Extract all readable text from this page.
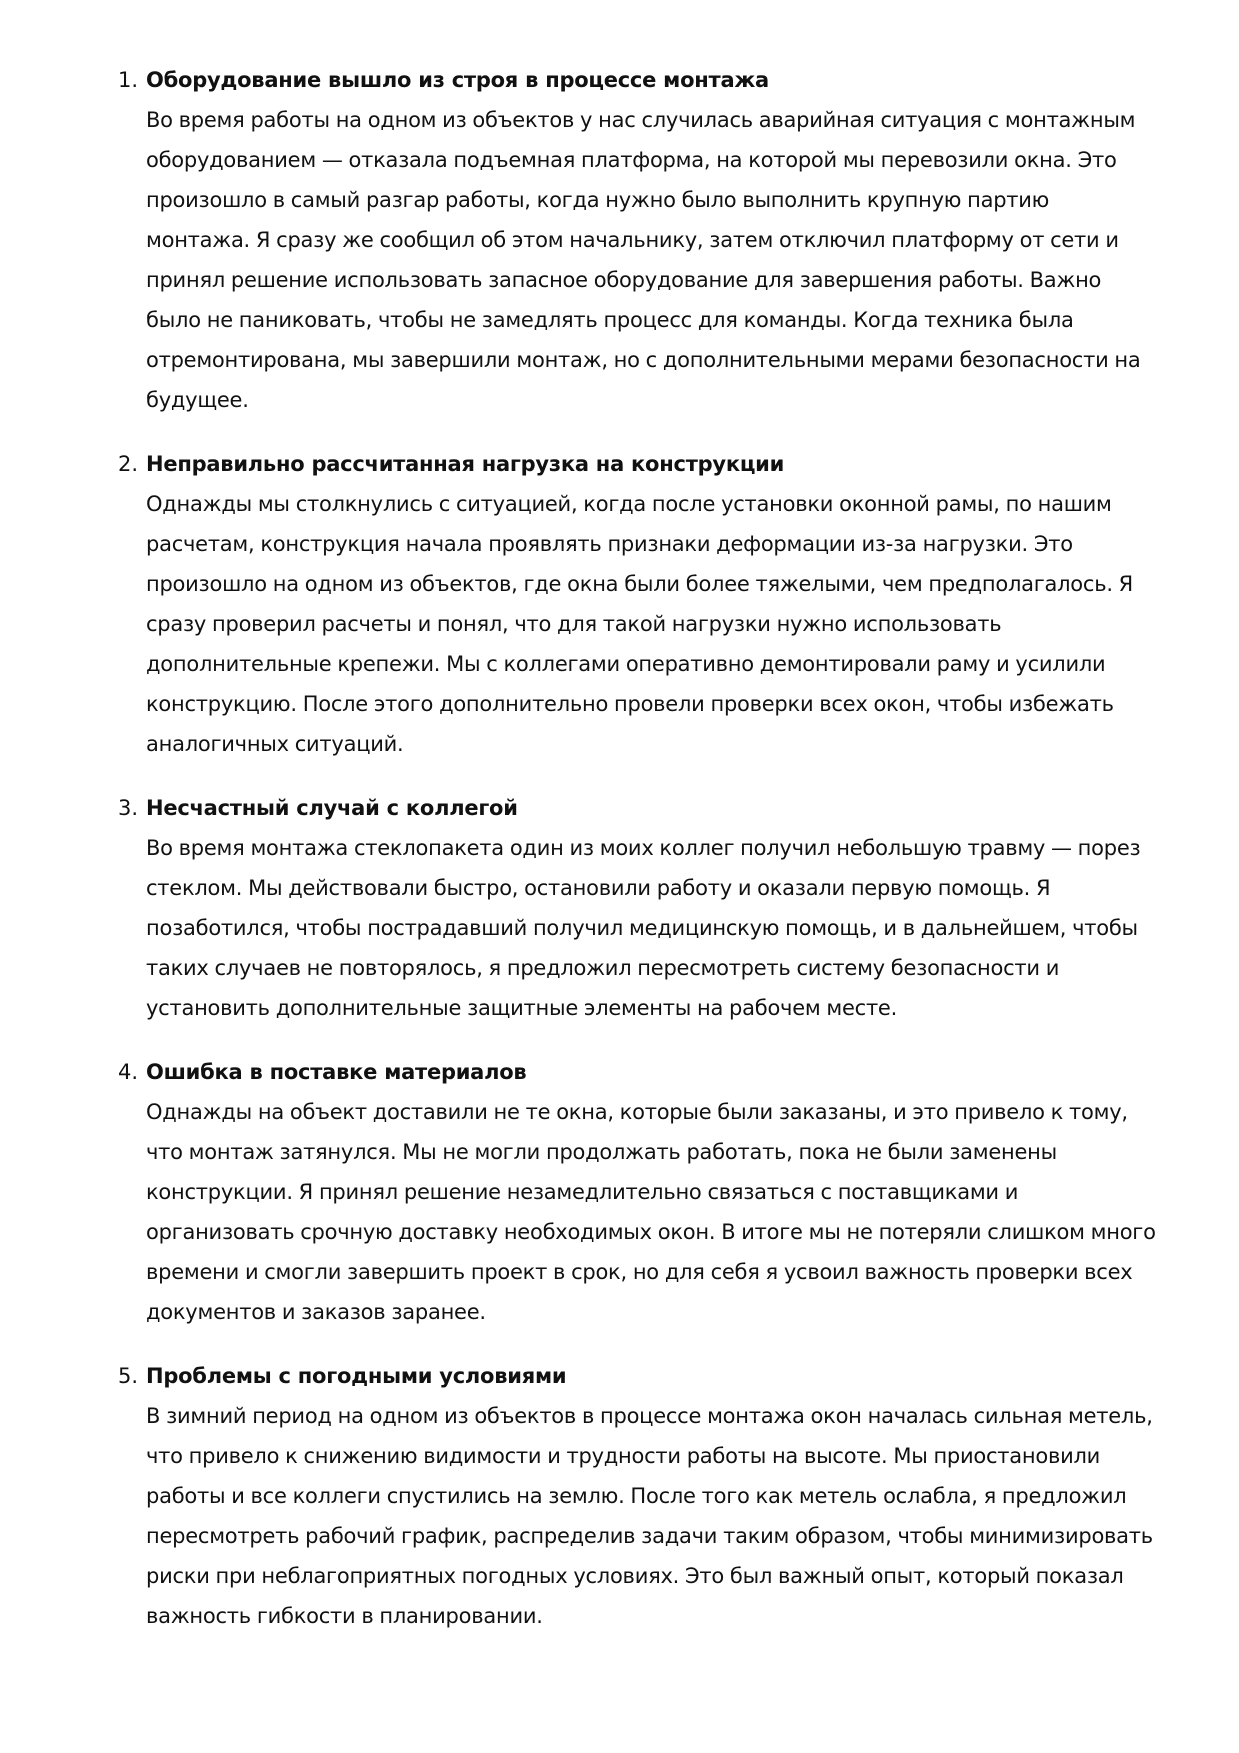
1. Оборудование вышло из строя в процессе монтажа

Во время работы на одном из объектов у нас случилась аварийная ситуация с монтажным оборудованием — отказала подъемная платформа, на которой мы перевозили окна. Это произошло в самый разгар работы, когда нужно было выполнить крупную партию монтажа. Я сразу же сообщил об этом начальнику, затем отключил платформу от сети и принял решение использовать запасное оборудование для завершения работы. Важно было не паниковать, чтобы не замедлять процесс для команды. Когда техника была отремонтирована, мы завершили монтаж, но с дополнительными мерами безопасности на будущее.

2. Неправильно рассчитанная нагрузка на конструкции

Однажды мы столкнулись с ситуацией, когда после установки оконной рамы, по нашим расчетам, конструкция начала проявлять признаки деформации из-за нагрузки. Это произошло на одном из объектов, где окна были более тяжелыми, чем предполагалось. Я сразу проверил расчеты и понял, что для такой нагрузки нужно использовать дополнительные крепежи. Мы с коллегами оперативно демонтировали раму и усилили конструкцию. После этого дополнительно провели проверки всех окон, чтобы избежать аналогичных ситуаций.

3. Несчастный случай с коллегой

Во время монтажа стеклопакета один из моих коллег получил небольшую травму — порез стеклом. Мы действовали быстро, остановили работу и оказали первую помощь. Я позаботился, чтобы пострадавший получил медицинскую помощь, и в дальнейшем, чтобы таких случаев не повторялось, я предложил пересмотреть систему безопасности и установить дополнительные защитные элементы на рабочем месте.

4. Ошибка в поставке материалов

Однажды на объект доставили не те окна, которые были заказаны, и это привело к тому, что монтаж затянулся. Мы не могли продолжать работать, пока не были заменены конструкции. Я принял решение незамедлительно связаться с поставщиками и организовать срочную доставку необходимых окон. В итоге мы не потеряли слишком много времени и смогли завершить проект в срок, но для себя я усвоил важность проверки всех документов и заказов заранее.

5. Проблемы с погодными условиями

В зимний период на одном из объектов в процессе монтажа окон началась сильная метель, что привело к снижению видимости и трудности работы на высоте. Мы приостановили работы и все коллеги спустились на землю. После того как метель ослабла, я предложил пересмотреть рабочий график, распределив задачи таким образом, чтобы минимизировать риски при неблагоприятных погодных условиях. Это был важный опыт, который показал важность гибкости в планировании.
